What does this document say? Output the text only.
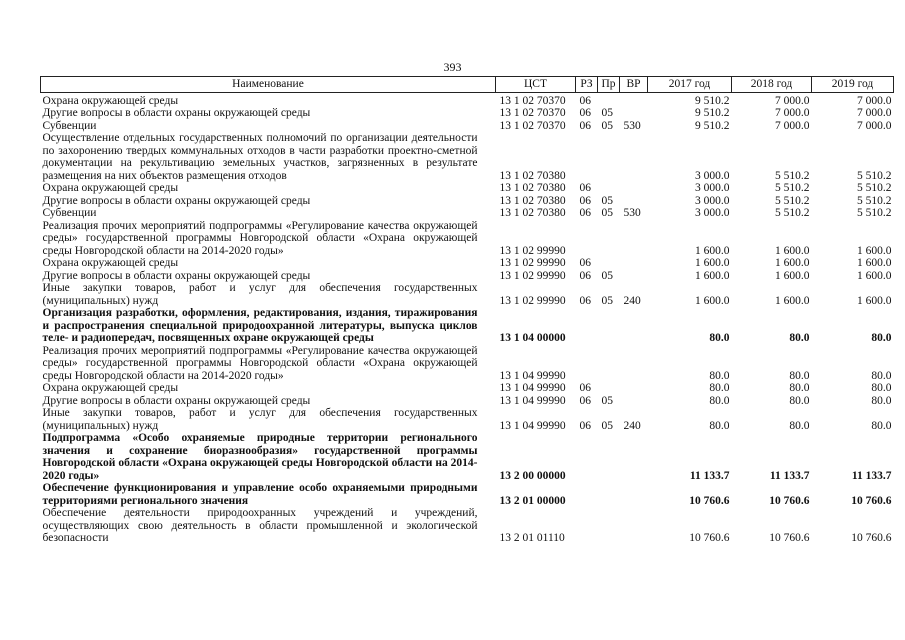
393
Наименование	ЦСТ	РЗ	Пр	ВР	2017 год	2018 год	2019 год
Охрана окружающей среды	13 1 02 70370	06			9 510.2	7 000.0	7 000.0
Другие вопросы в области охраны окружающей среды	13 1 02 70370	06	05		9 510.2	7 000.0	7 000.0
Субвенции	13 1 02 70370	06	05	530	9 510.2	7 000.0	7 000.0
Осуществление отдельных государственных полномочий по организации деятельности по захоронению твердых коммунальных отходов в части разработки проектно-сметной документации на рекультивацию земельных участков, загрязненных в результате размещения на них объектов размещения отходов	13 1 02 70380				3 000.0	5 510.2	5 510.2
Охрана окружающей среды	13 1 02 70380	06			3 000.0	5 510.2	5 510.2
Другие вопросы в области охраны окружающей среды	13 1 02 70380	06	05		3 000.0	5 510.2	5 510.2
Субвенции	13 1 02 70380	06	05	530	3 000.0	5 510.2	5 510.2
Реализация прочих мероприятий подпрограммы «Регулирование качества окружающей среды» государственной программы Новгородской области «Охрана окружающей среды Новгородской области на 2014-2020 годы»	13 1 02 99990				1 600.0	1 600.0	1 600.0
Охрана окружающей среды	13 1 02 99990	06			1 600.0	1 600.0	1 600.0
Другие вопросы в области охраны окружающей среды	13 1 02 99990	06	05		1 600.0	1 600.0	1 600.0
Иные закупки товаров, работ и услуг для обеспечения государственных (муниципальных) нужд	13 1 02 99990	06	05	240	1 600.0	1 600.0	1 600.0
Организация разработки, оформления, редактирования, издания, тиражирования и распространения специальной природоохранной литературы, выпуска циклов теле- и радиопередач, посвященных охране окружающей среды	13 1 04 00000				80.0	80.0	80.0
Реализация прочих мероприятий подпрограммы «Регулирование качества окружающей среды» государственной программы Новгородской области «Охрана окружающей среды Новгородской области на 2014-2020 годы»	13 1 04 99990				80.0	80.0	80.0
Охрана окружающей среды	13 1 04 99990	06			80.0	80.0	80.0
Другие вопросы в области охраны окружающей среды	13 1 04 99990	06	05		80.0	80.0	80.0
Иные закупки товаров, работ и услуг для обеспечения государственных (муниципальных) нужд	13 1 04 99990	06	05	240	80.0	80.0	80.0
Подпрограмма «Особо охраняемые природные территории регионального значения и сохранение биоразнообразия» государственной программы Новгородской области «Охрана окружающей среды Новгородской области на 2014-2020 годы»	13 2 00 00000				11 133.7	11 133.7	11 133.7
Обеспечение функционирования и управление особо охраняемыми природными территориями регионального значения	13 2 01 00000				10 760.6	10 760.6	10 760.6
Обеспечение деятельности природоохранных учреждений и учреждений, осуществляющих свою деятельность в области промышленной и экологической безопасности	13 2 01 01110				10 760.6	10 760.6	10 760.6
